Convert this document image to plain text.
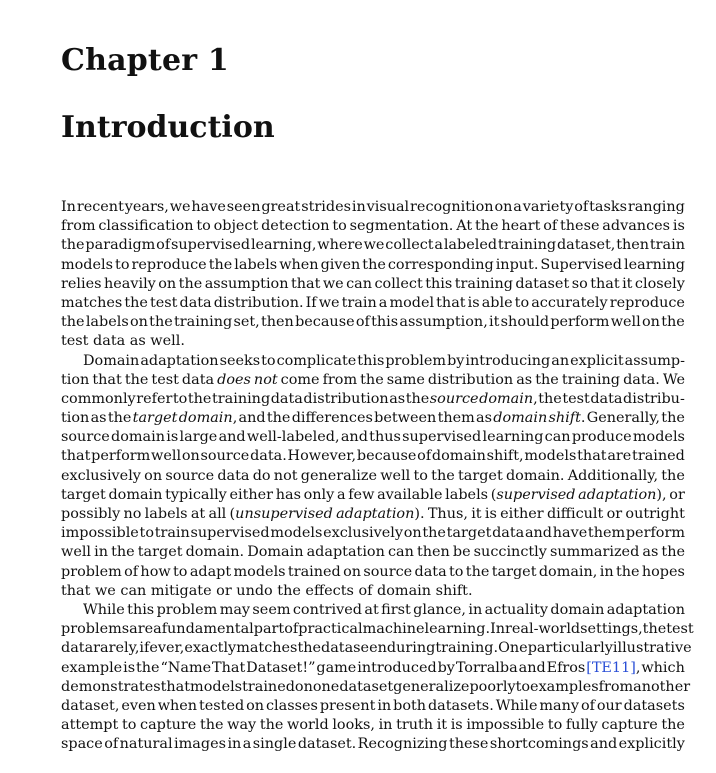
Chapter 1
Introduction
In recent years, we have seen great strides in visual recognition on a variety of tasks ranging
from classification to object detection to segmentation. At the heart of these advances is
the paradigm of supervised learning, where we collect a labeled training dataset, then train
models to reproduce the labels when given the corresponding input. Supervised learning
relies heavily on the assumption that we can collect this training dataset so that it closely
matches the test data distribution. If we train a model that is able to accurately reproduce
the labels on the training set, then because of this assumption, it should perform well on the
test data as well.
Domain adaptation seeks to complicate this problem by introducing an explicit assump-
tion that the test data does not come from the same distribution as the training data. We
commonly refer to the training data distribution as the source domain, the test data distribu-
tion as the target domain, and the differences between them as domain shift. Generally, the
source domain is large and well-labeled, and thus supervised learning can produce models
that perform well on source data. However, because of domain shift, models that are trained
exclusively on source data do not generalize well to the target domain. Additionally, the
target domain typically either has only a few available labels (supervised adaptation), or
possibly no labels at all (unsupervised adaptation). Thus, it is either difficult or outright
impossible to train supervised models exclusively on the target data and have them perform
well in the target domain. Domain adaptation can then be succinctly summarized as the
problem of how to adapt models trained on source data to the target domain, in the hopes
that we can mitigate or undo the effects of domain shift.
While this problem may seem contrived at first glance, in actuality domain adaptation
problems are a fundamental part of practical machine learning. In real-world settings, the test
data rarely, if ever, exactly matches the data seen during training. One particularly illustrative
example is the “Name That Dataset!” game introduced by Torralba and Efros [TE11], which
demonstrates that models trained on one dataset generalize poorly to examples from another
dataset, even when tested on classes present in both datasets. While many of our datasets
attempt to capture the way the world looks, in truth it is impossible to fully capture the
space of natural images in a single dataset. Recognizing these shortcomings and explicitly
